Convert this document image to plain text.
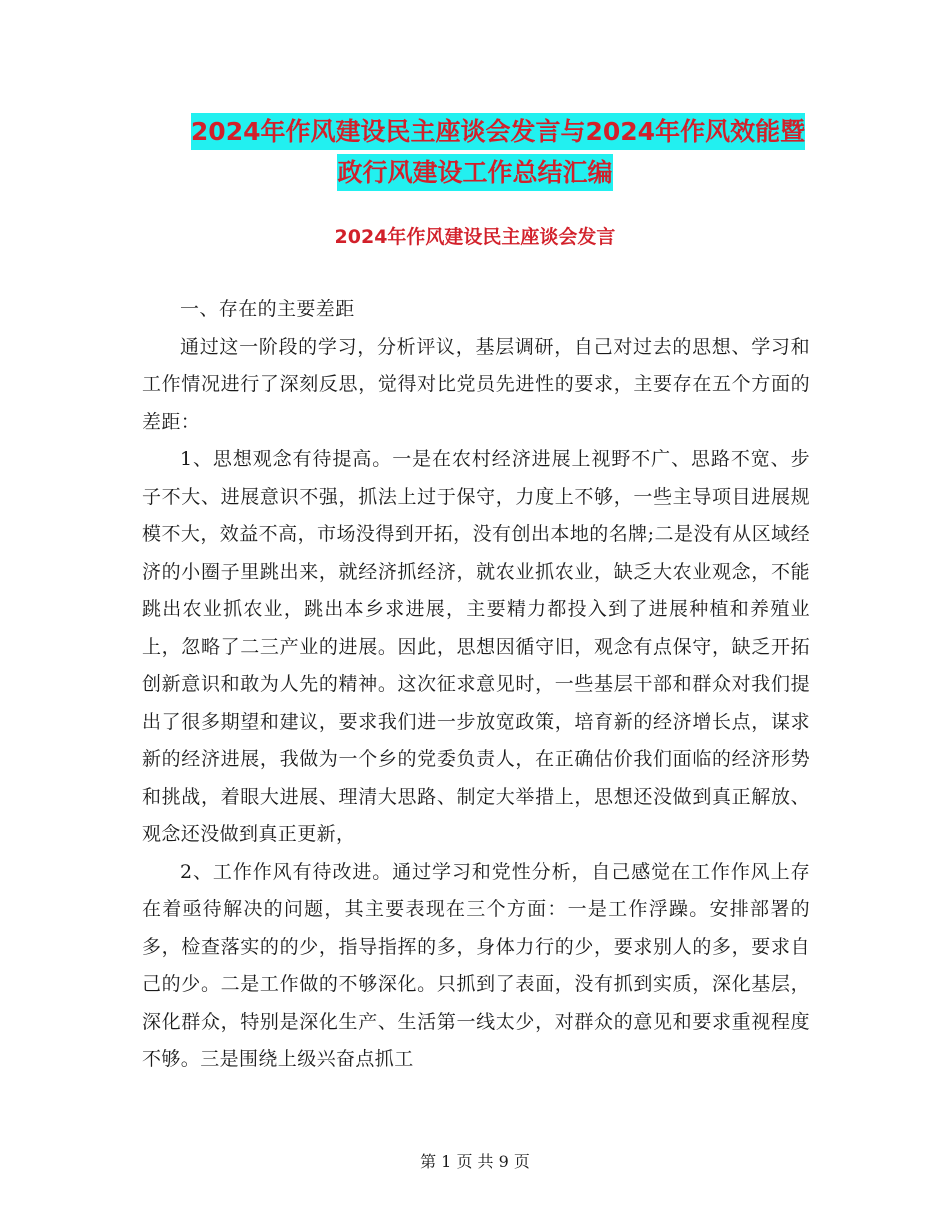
2024年作风建设民主座谈会发言与2024年作风效能暨
政行风建设工作总结汇编
2024年作风建设民主座谈会发言

一、存在的主要差距

通过这一阶段的学习，分析评议，基层调研，自己对过去的思想、学习和工作情况进行了深刻反思，觉得对比党员先进性的要求，主要存在五个方面的差距：

1、思想观念有待提高。一是在农村经济进展上视野不广、思路不宽、步子不大、进展意识不强，抓法上过于保守，力度上不够，一些主导项目进展规模不大，效益不高，市场没得到开拓，没有创出本地的名牌;二是没有从区域经济的小圈子里跳出来，就经济抓经济，就农业抓农业，缺乏大农业观念，不能跳出农业抓农业，跳出本乡求进展，主要精力都投入到了进展种植和养殖业上，忽略了二三产业的进展。因此，思想因循守旧，观念有点保守，缺乏开拓创新意识和敢为人先的精神。这次征求意见时，一些基层干部和群众对我们提出了很多期望和建议，要求我们进一步放宽政策，培育新的经济增长点，谋求新的经济进展，我做为一个乡的党委负责人，在正确估价我们面临的经济形势和挑战，着眼大进展、理清大思路、制定大举措上，思想还没做到真正解放、观念还没做到真正更新，

2、工作作风有待改进。通过学习和党性分析，自己感觉在工作作风上存在着亟待解决的问题，其主要表现在三个方面：一是工作浮躁。安排部署的多，检查落实的的少，指导指挥的多，身体力行的少，要求别人的多，要求自己的少。二是工作做的不够深化。只抓到了表面，没有抓到实质，深化基层，深化群众，特别是深化生产、生活第一线太少，对群众的意见和要求重视程度不够。三是围绕上级兴奋点抓工

第 1 页 共 9 页
